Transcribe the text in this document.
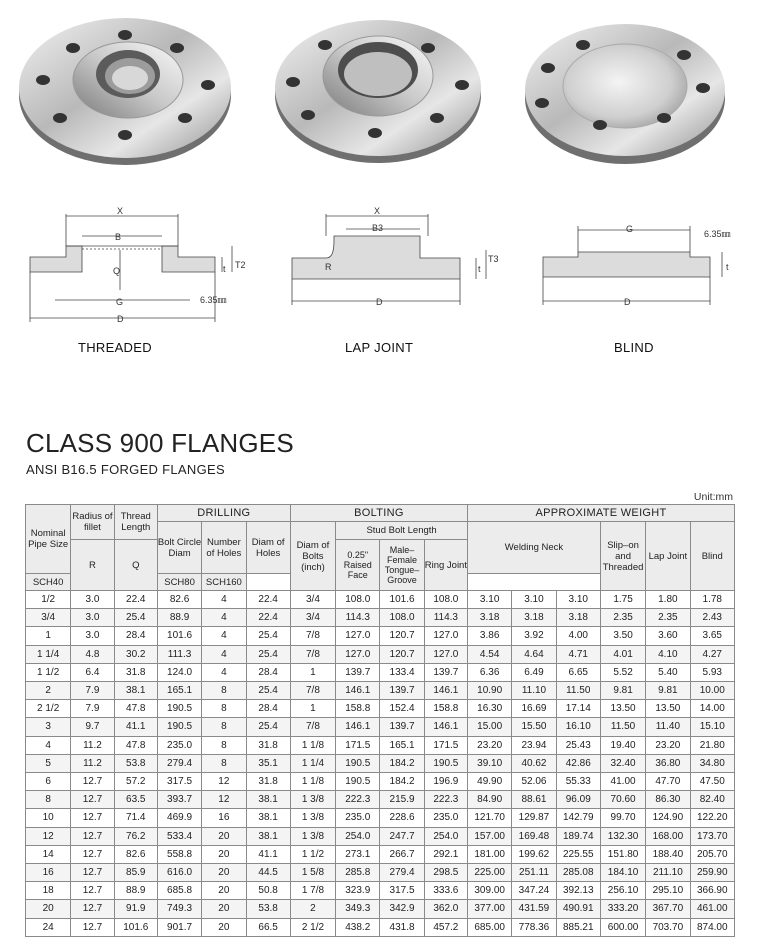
X
B
Q
G
D
t T2
6.35㎜
X
B3
R
D
T3
t
G
D
6.35㎜
t
THREADED	LAP JOINT	BLIND
CLASS 900 FLANGES
ANSI B16.5 FORGED FLANGES
Unit:mm
Nominal Pipe Size	Radius of fillet	Thread Length	DRILLING			BOLTING				APPROXIMATE WEIGHT					
			Bolt Circle Diam	Number of Holes	Diam of Holes	Diam of Bolts (inch)	Stud Bolt Length			Welding Neck			Slip–on and Threaded	Lap Joint	Blind
	R	Q					0.25" Raised Face	Male– Female Tongue– Groove	Ring Joint						
SCH40			SCH80	SCH160											
1/2	3.0	22.4	82.6	4	22.4	3/4	108.0	101.6	108.0	3.10	3.10	3.10	1.75	1.80	1.78
3/4	3.0	25.4	88.9	4	22.4	3/4	114.3	108.0	114.3	3.18	3.18	3.18	2.35	2.35	2.43
1	3.0	28.4	101.6	4	25.4	7/8	127.0	120.7	127.0	3.86	3.92	4.00	3.50	3.60	3.65
1 1/4	4.8	30.2	111.3	4	25.4	7/8	127.0	120.7	127.0	4.54	4.64	4.71	4.01	4.10	4.27
1 1/2	6.4	31.8	124.0	4	28.4	1	139.7	133.4	139.7	6.36	6.49	6.65	5.52	5.40	5.93
2	7.9	38.1	165.1	8	25.4	7/8	146.1	139.7	146.1	10.90	11.10	11.50	9.81	9.81	10.00
2 1/2	7.9	47.8	190.5	8	28.4	1	158.8	152.4	158.8	16.30	16.69	17.14	13.50	13.50	14.00
3	9.7	41.1	190.5	8	25.4	7/8	146.1	139.7	146.1	15.00	15.50	16.10	11.50	11.40	15.10
4	11.2	47.8	235.0	8	31.8	1 1/8	171.5	165.1	171.5	23.20	23.94	25.43	19.40	23.20	21.80
5	11.2	53.8	279.4	8	35.1	1 1/4	190.5	184.2	190.5	39.10	40.62	42.86	32.40	36.80	34.80
6	12.7	57.2	317.5	12	31.8	1 1/8	190.5	184.2	196.9	49.90	52.06	55.33	41.00	47.70	47.50
8	12.7	63.5	393.7	12	38.1	1 3/8	222.3	215.9	222.3	84.90	88.61	96.09	70.60	86.30	82.40
10	12.7	71.4	469.9	16	38.1	1 3/8	235.0	228.6	235.0	121.70	129.87	142.79	99.70	124.90	122.20
12	12.7	76.2	533.4	20	38.1	1 3/8	254.0	247.7	254.0	157.00	169.48	189.74	132.30	168.00	173.70
14	12.7	82.6	558.8	20	41.1	1 1/2	273.1	266.7	292.1	181.00	199.62	225.55	151.80	188.40	205.70
16	12.7	85.9	616.0	20	44.5	1 5/8	285.8	279.4	298.5	225.00	251.11	285.08	184.10	211.10	259.90
18	12.7	88.9	685.8	20	50.8	1 7/8	323.9	317.5	333.6	309.00	347.24	392.13	256.10	295.10	366.90
20	12.7	91.9	749.3	20	53.8	2	349.3	342.9	362.0	377.00	431.59	490.91	333.20	367.70	461.00
24	12.7	101.6	901.7	20	66.5	2 1/2	438.2	431.8	457.2	685.00	778.36	885.21	600.00	703.70	874.00
